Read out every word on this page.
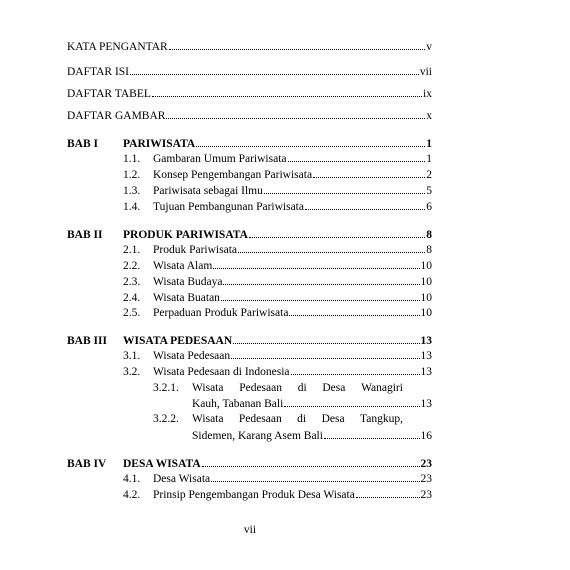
KATA PENGANTAR	v
DAFTAR ISI	vii
DAFTAR TABEL	ix
DAFTAR GAMBAR	x
BAB I PARIWISATA	1
1.1. Gambaran Umum Pariwisata	1
1.2. Konsep Pengembangan Pariwisata	2
1.3. Pariwisata sebagai Ilmu	5
1.4. Tujuan Pembangunan Pariwisata	6
BAB II PRODUK PARIWISATA	8
2.1. Produk Pariwisata	8
2.2. Wisata Alam	10
2.3. Wisata Budaya	10
2.4. Wisata Buatan	10
2.5. Perpaduan Produk Pariwisata	10
BAB III WISATA PEDESAAN	13
3.1. Wisata Pedesaan	13
3.2. Wisata Pedesaan di Indonesia	13
3.2.1. Wisata Pedesaan di Desa Wanagiri
Kauh, Tabanan Bali	13
3.2.2. Wisata Pedesaan di Desa Tangkup,
Sidemen, Karang Asem Bali	16
BAB IV DESA WISATA	23
4.1. Desa Wisata	23
4.2. Prinsip Pengembangan Produk Desa Wisata	23
vii
